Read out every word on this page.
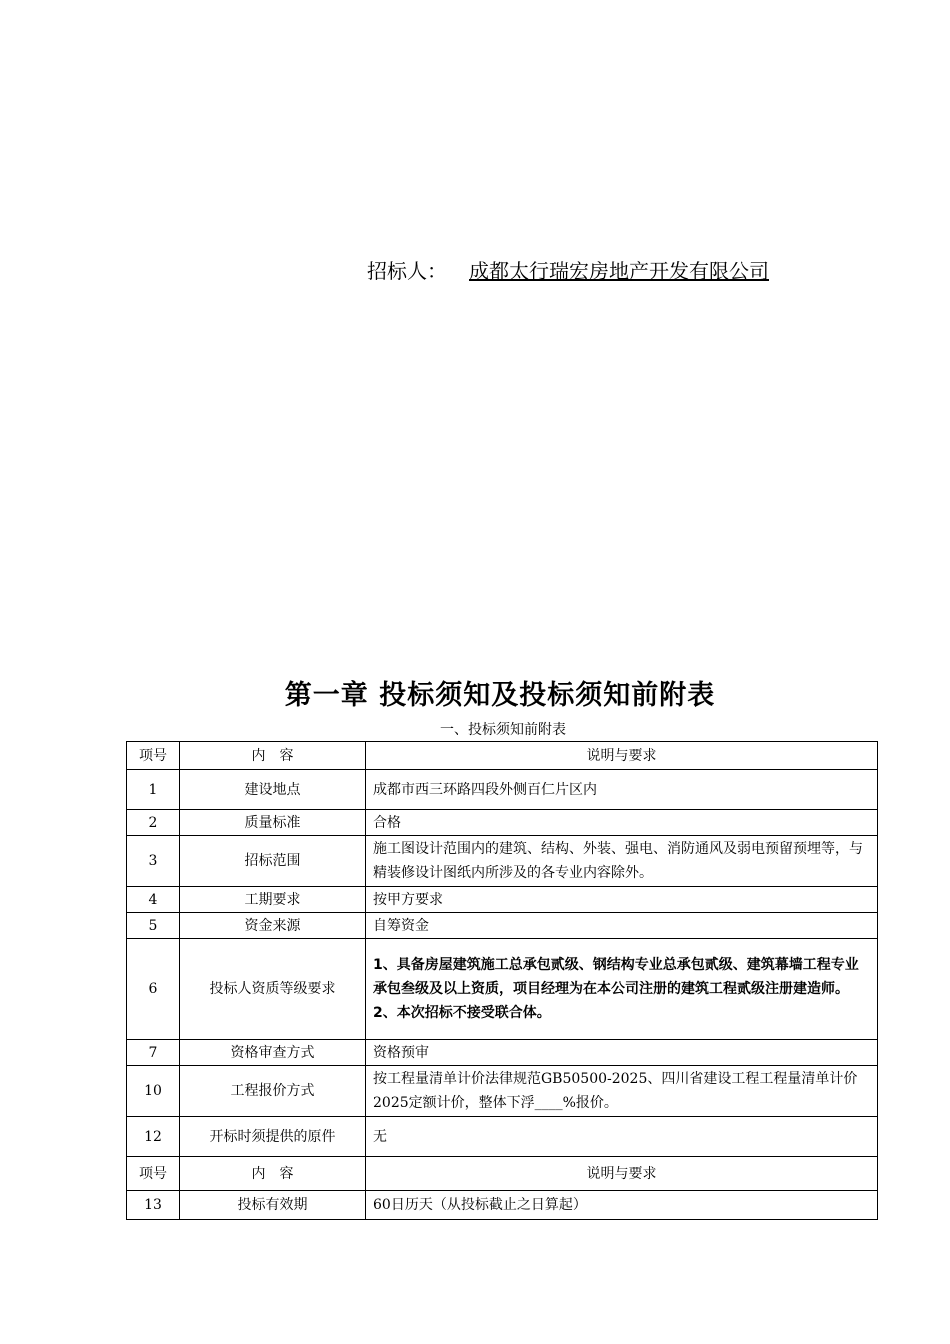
招标人： 成都太行瑞宏房地产开发有限公司
第一章 投标须知及投标须知前附表
一、投标须知前附表
项号	内　容	说明与要求
1	建设地点	成都市西三环路四段外侧百仁片区内
2	质量标准	合格
3	招标范围	施工图设计范围内的建筑、结构、外装、强电、消防通风及弱电预留预埋等，与精装修设计图纸内所涉及的各专业内容除外。
4	工期要求	按甲方要求
5	资金来源	自筹资金
6	投标人资质等级要求	1、具备房屋建筑施工总承包贰级、钢结构专业总承包贰级、建筑幕墙工程专业承包叁级及以上资质，项目经理为在本公司注册的建筑工程贰级注册建造师。
2、本次招标不接受联合体。

7	资格审查方式	资格预审
10	工程报价方式	按工程量清单计价法律规范GB50500-2025、四川省建设工程工程量清单计价2025定额计价，整体下浮____%报价。
12	开标时须提供的原件	无
项号	内　容	说明与要求
13	投标有效期	60日历天（从投标截止之日算起）
